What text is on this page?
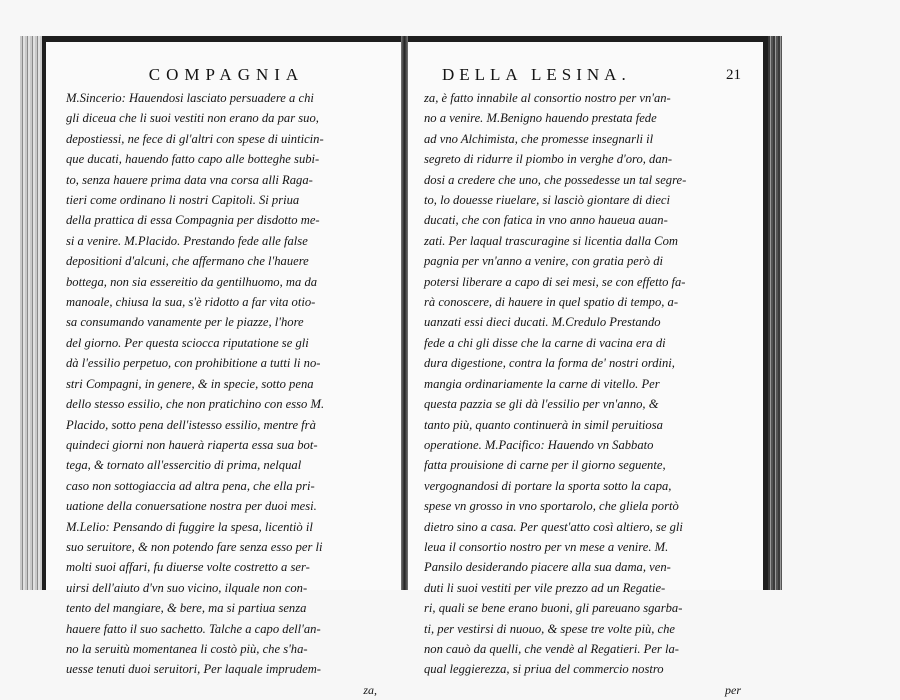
COMPAGNIA
M.Sincerio: Hauendosi lasciato persuadere a chi
gli diceua che li suoi vestiti non erano da par suo,
depostiessi, ne fece di gl'altri con spese di uinticin-
que ducati, hauendo fatto capo alle botteghe subi-
to, senza hauere prima data vna corsa alli Raga-
tieri come ordinano li nostri Capitoli. Si priua
della prattica di essa Compagnia per disdotto me-
si a venire. M.Placido. Prestando fede alle false
depositioni d'alcuni, che affermano che l'hauere
bottega, non sia essereitio da gentilhuomo, ma da
manoale, chiusa la sua, s'è ridotto a far vita otio-
sa consumando vanamente per le piazze, l'hore
del giorno. Per questa sciocca riputatione se gli
dà l'essilio perpetuo, con prohibitione a tutti li no-
stri Compagni, in genere, & in specie, sotto pena
dello stesso essilio, che non pratichino con esso M.
Placido, sotto pena dell'istesso essilio, mentre frà
quindeci giorni non hauerà riaperta essa sua bot-
tega, & tornato all'essercitio di prima, nelqual
caso non sottogiaccia ad altra pena, che ella pri-
uatione della conuersatione nostra per duoi mesi.
M.Lelio: Pensando di fuggire la spesa, licentiò il
suo seruitore, & non potendo fare senza esso per li
molti suoi affari, fu diuerse volte costretto a ser-
uirsi dell'aiuto d'vn suo vicino, ilquale non con-
tento del mangiare, & bere, ma si partiua senza
hauere fatto il suo sachetto. Talche a capo dell'an-
no la seruitù momentanea li costò più, che s'ha-
uesse tenuti duoi seruitori, Per laquale imprudem-
za,
DELLA LESINA.	21
za, è fatto innabile al consortio nostro per vn'an-
no a venire. M.Benigno hauendo prestata fede
ad vno Alchimista, che promesse insegnarli il
segreto di ridurre il piombo in verghe d'oro, dan-
dosi a credere che uno, che possedesse un tal segre-
to, lo douesse riuelare, si lasciò giontare di dieci
ducati, che con fatica in vno anno haueua auan-
zati. Per laqual trascuragine si licentia dalla Com
pagnia per vn'anno a venire, con gratia però di
potersi liberare a capo di sei mesi, se con effetto fa-
rà conoscere, di hauere in quel spatio di tempo, a-
uanzati essi dieci ducati. M.Credulo Prestando
fede a chi gli disse che la carne di vacina era di
dura digestione, contra la forma de' nostri ordini,
mangia ordinariamente la carne di vitello. Per
questa pazzia se gli dà l'essilio per vn'anno, &
tanto più, quanto continuerà in simil peruitiosa
operatione. M.Pacifico: Hauendo vn Sabbato
fatta prouisione di carne per il giorno seguente,
vergognandosi di portare la sporta sotto la capa,
spese vn grosso in vno sportarolo, che gliela portò
dietro sino a casa. Per quest'atto così altiero, se gli
leua il consortio nostro per vn mese a venire. M.
Pansilo desiderando piacere alla sua dama, ven-
duti li suoi vestiti per vile prezzo ad un Regatie-
ri, quali se bene erano buoni, gli pareuano sgarba-
ti, per vestirsi di nuouo, & spese tre volte più, che
non cauò da quelli, che vendè al Regatieri. Per la-
qual leggierezza, si priua del commercio nostro
per
